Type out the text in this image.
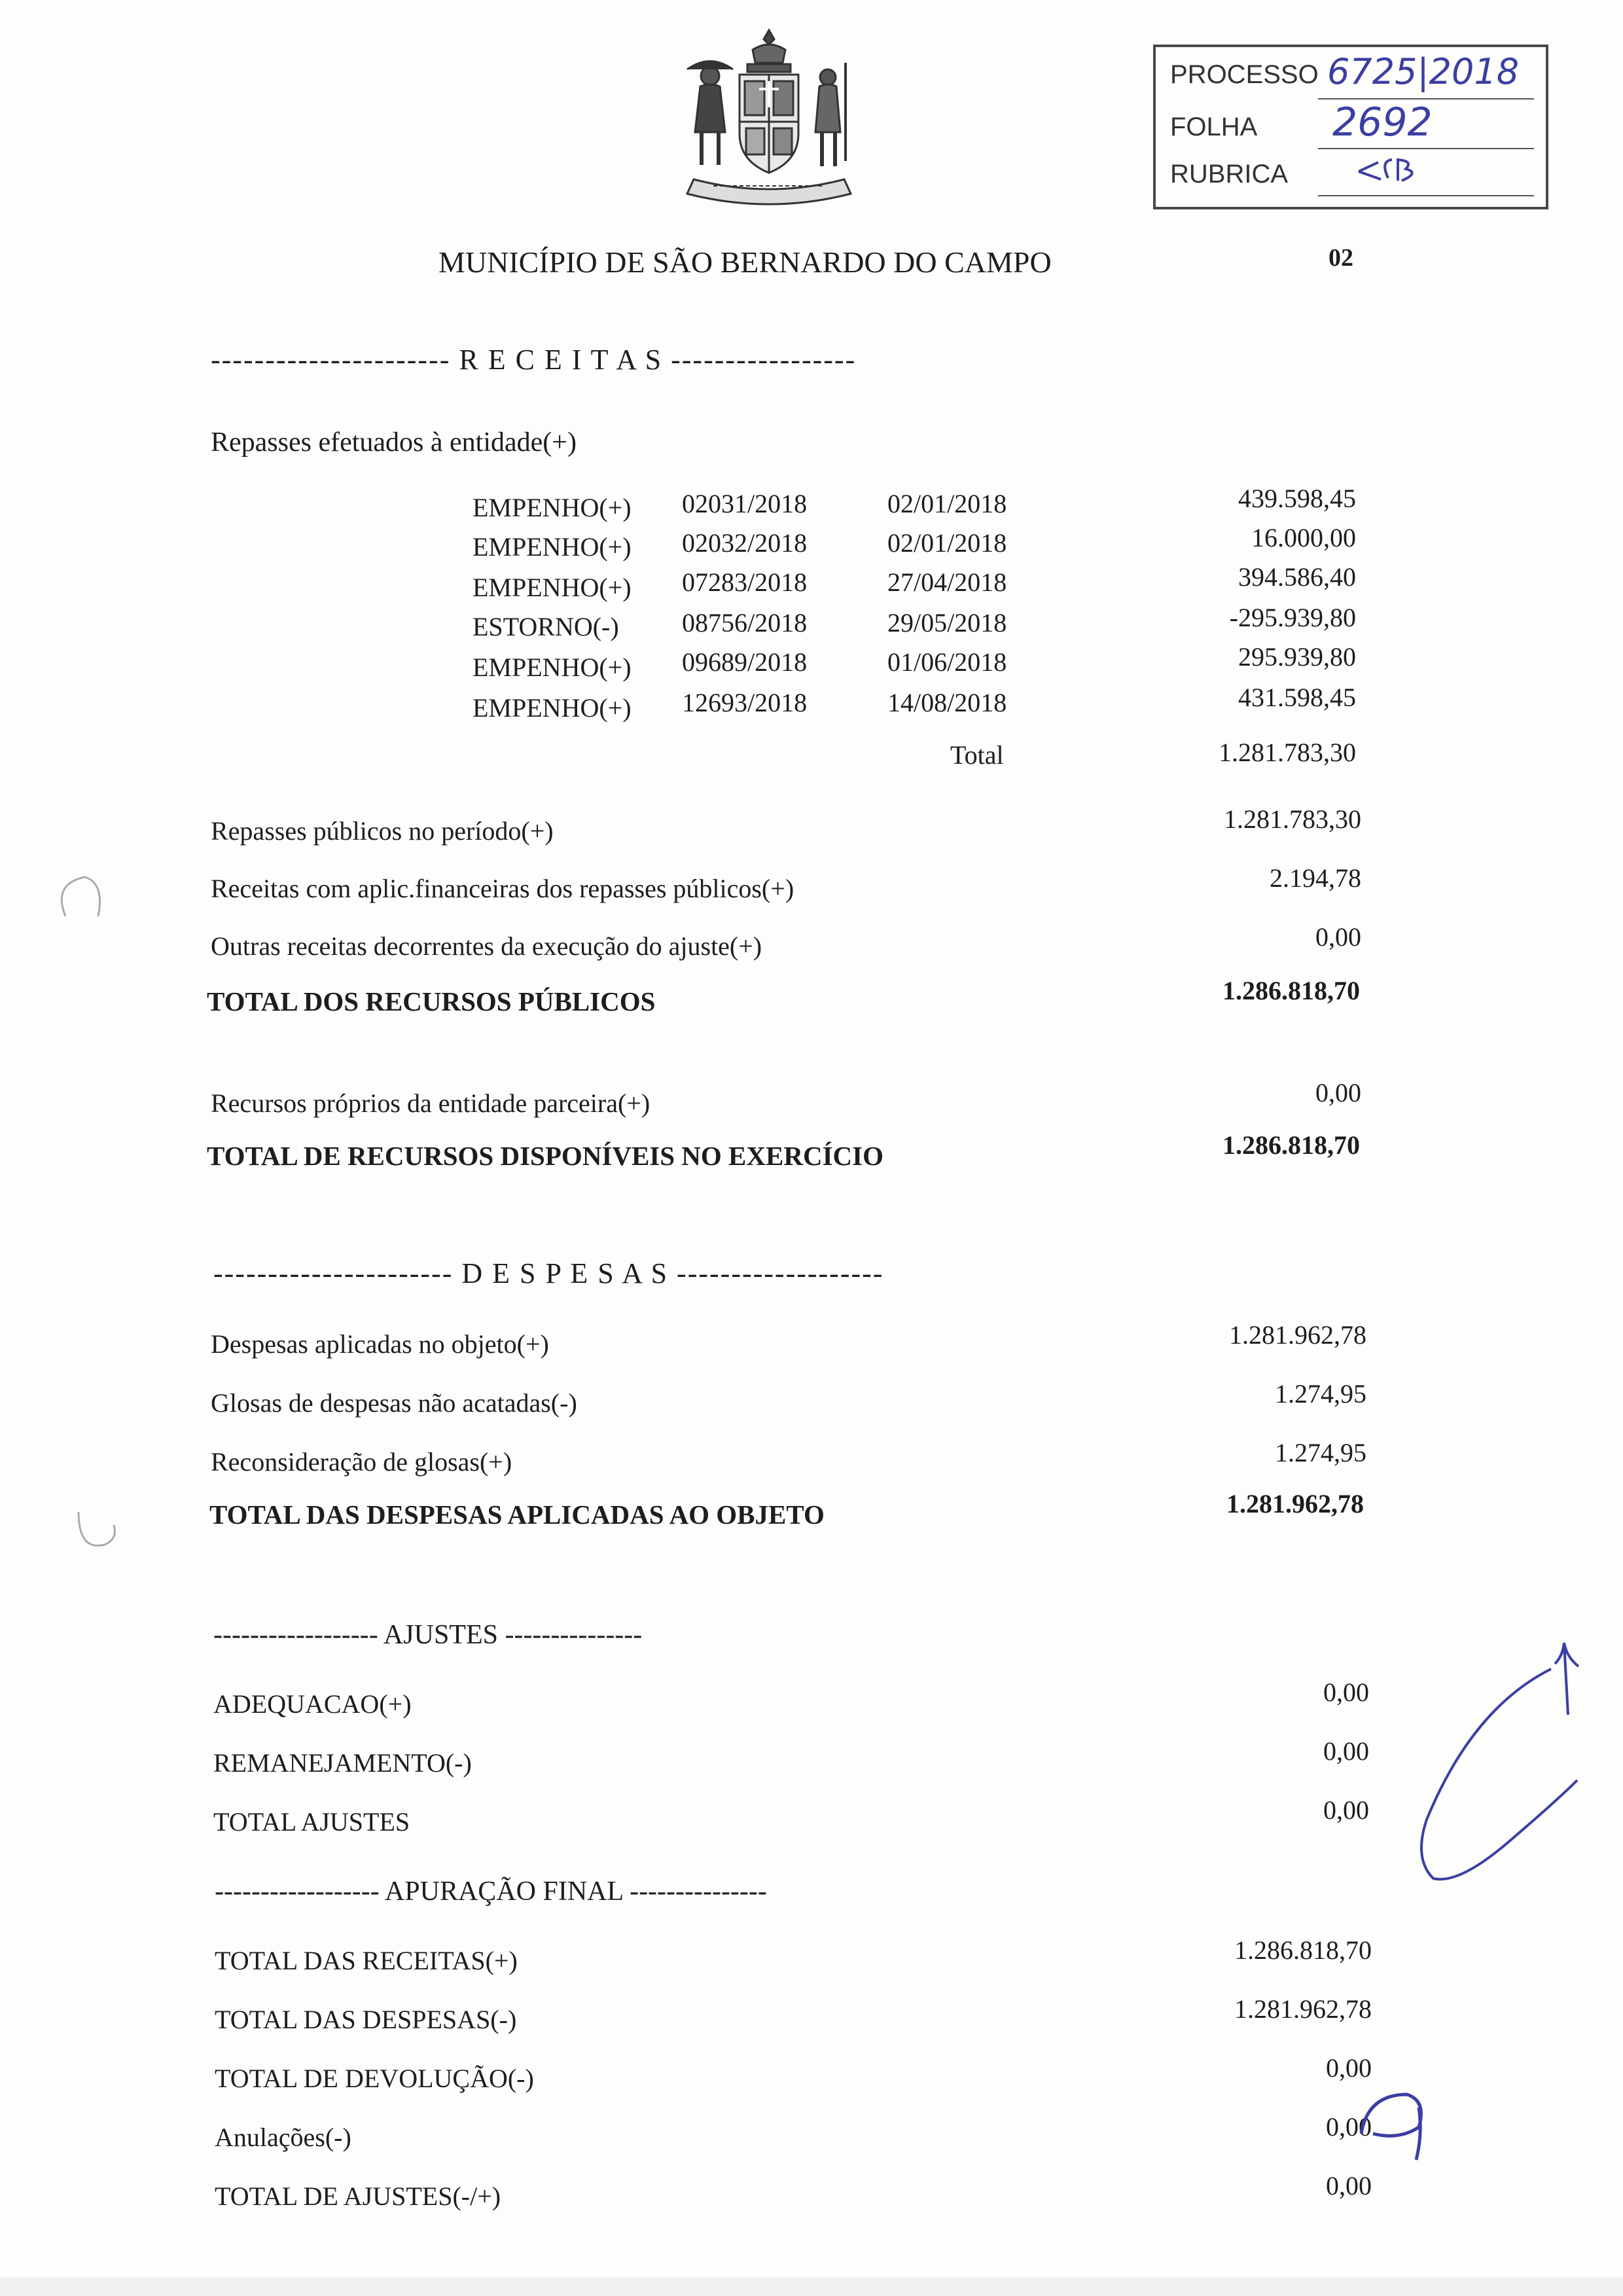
PROCESSO 6725|2018
FOLHA 2692
RUBRICA
MUNICÍPIO DE SÃO BERNARDO DO CAMPO	02
---------------------- R E C E I T A S -----------------
Repasses efetuados à entidade(+)
EMPENHO(+) 02031/2018	02/01/2018	439.598,45
EMPENHO(+) 02032/2018	02/01/2018	16.000,00
EMPENHO(+) 07283/2018	27/04/2018	394.586,40
ESTORNO(-) 08756/2018	29/05/2018	-295.939,80
EMPENHO(+) 09689/2018	01/06/2018	295.939,80
EMPENHO(+) 12693/2018	14/08/2018	431.598,45
Total	1.281.783,30
Repasses públicos no período(+)	1.281.783,30
Receitas com aplic.financeiras dos repasses públicos(+)	2.194,78
Outras receitas decorrentes da execução do ajuste(+)	0,00
TOTAL DOS RECURSOS PÚBLICOS	1.286.818,70
Recursos próprios da entidade parceira(+)	0,00
TOTAL DE RECURSOS DISPONÍVEIS NO EXERCÍCIO	1.286.818,70
---------------------- D E S P E S A S -------------------
Despesas aplicadas no objeto(+)	1.281.962,78
Glosas de despesas não acatadas(-)	1.274,95
Reconsideração de glosas(+)	1.274,95
TOTAL DAS DESPESAS APLICADAS AO OBJETO	1.281.962,78
------------------ AJUSTES ---------------
ADEQUACAO(+)	0,00
REMANEJAMENTO(-)	0,00
TOTAL AJUSTES	0,00
------------------ APURAÇÃO FINAL ---------------
TOTAL DAS RECEITAS(+)	1.286.818,70
TOTAL DAS DESPESAS(-)	1.281.962,78
TOTAL DE DEVOLUÇÃO(-)	0,00
Anulações(-)	0,00
TOTAL DE AJUSTES(-/+)	0,00
